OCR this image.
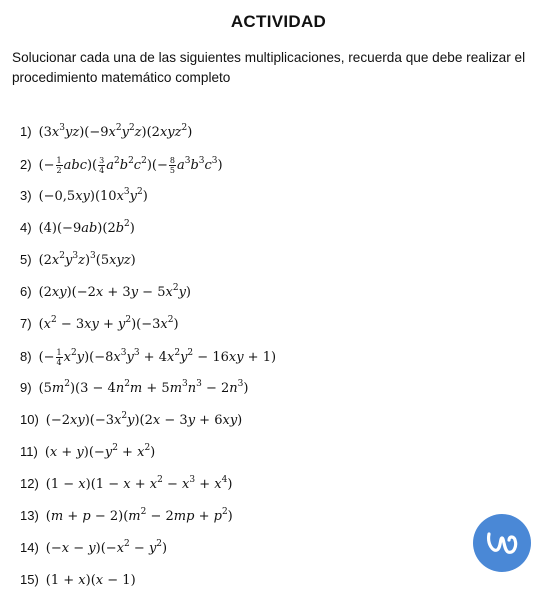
ACTIVIDAD
Solucionar cada una de las siguientes multiplicaciones, recuerda que debe realizar el procedimiento matemático completo
1) $(3x^3yz)(-9x^2y^2z)(2xyz^2)$
2) (− $\frac{1}{2} abc)( \frac{3}{4} a^2b^2c^2)(- \frac{8}{5} a^3b^3c^3)$
3) $(-0,5xy)(10x^3y^2)$
4) $(4)(-9ab)(2b^2)$
5) $(2x^2y^3z)^3(5xyz)$
6) $(2xy)(-2x + 3y - 5x^2y)$
7) $(x^2 - 3xy + y^2)(-3x^2)$
8) (− $\frac{1}{4} x^2y)(-8x^3y^3 + 4x^2y^2 - 16xy + 1)$
9) $(5m^2)(3 - 4n^2m + 5m^3n^3 - 2n^3)$
10) $(-2xy)(-3x^2y)(2x - 3y + 6xy)$
11) $(x + y)(-y^2 + x^2)$
12) $(1 - x)(1 - x + x^2 - x^3 + x^4)$
13) $(m + p - 2)(m^2 - 2mp + p^2)$
14) $(-x - y)(-x^2 - y^2)$
15) (1 + x)(x − 1)
